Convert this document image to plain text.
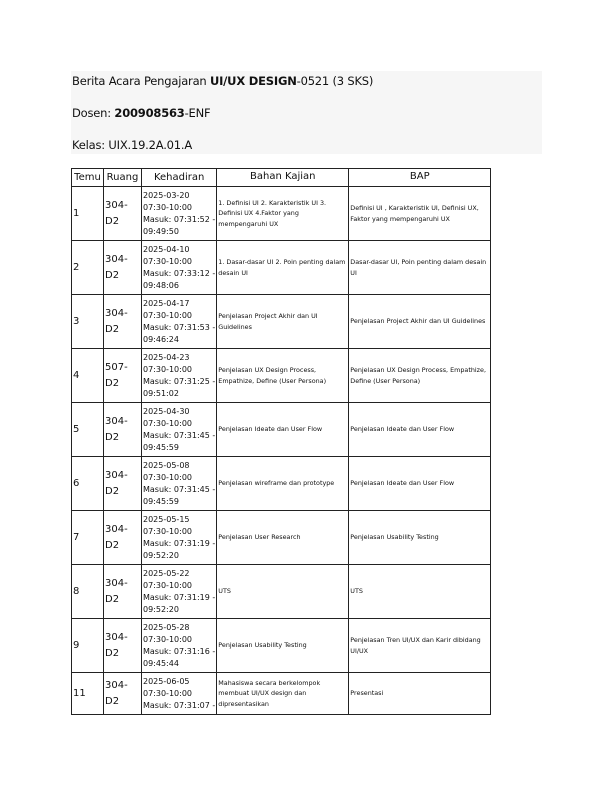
Berita Acara Pengajaran UI/UX DESIGN-0521 (3 SKS)
Dosen: 200908563-ENF
Kelas: UIX.19.2A.01.A
Temu	Ruang	Kehadiran	Bahan Kajian	BAP
1	304-D2	2025-03-20
07:30-10:00
Masuk: 07:31:52 -
09:49:50	1. Definisi UI 2. Karakteristik UI 3. Definisi UX 4.Faktor yang mempengaruhi UX	Definisi UI , Karakteristik UI, Definisi UX, Faktor yang mempengaruhi UX

2	304-D2	2025-04-10
07:30-10:00
Masuk: 07:33:12 -
09:48:06	1. Dasar-dasar UI 2. Poin penting dalam desain UI	Dasar-dasar UI, Poin penting dalam desain UI

3	304-D2	2025-04-17
07:30-10:00
Masuk: 07:31:53 -
09:46:24	Penjelasan Project Akhir dan UI Guidelines	Penjelasan Project Akhir dan UI Guidelines

4	507-D2	2025-04-23
07:30-10:00
Masuk: 07:31:25 -
09:51:02	Penjelasan UX Design Process, Empathize, Define (User Persona)	Penjelasan UX Design Process, Empathize, Define (User Persona)

5	304-D2	2025-04-30
07:30-10:00
Masuk: 07:31:45 -
09:45:59	Penjelasan Ideate dan User Flow	Penjelasan Ideate dan User Flow

6	304-D2	2025-05-08
07:30-10:00
Masuk: 07:31:45 -
09:45:59	Penjelasan wireframe dan prototype	Penjelasan Ideate dan User Flow

7	304-D2	2025-05-15
07:30-10:00
Masuk: 07:31:19 -
09:52:20	Penjelasan User Research	Penjelasan Usability Testing

8	304-D2	2025-05-22
07:30-10:00
Masuk: 07:31:19 -
09:52:20	UTS	UTS

9	304-D2	2025-05-28
07:30-10:00
Masuk: 07:31:16 -
09:45:44	Penjelasan Usability Testing	Penjelasan Tren UI/UX dan Karir dibidang UI/UX

11	304-D2	2025-06-05
07:30-10:00
Masuk: 07:31:07 -	Mahasiswa secara berkelompok membuat UI/UX design dan dipresentasikan	Presentasi
